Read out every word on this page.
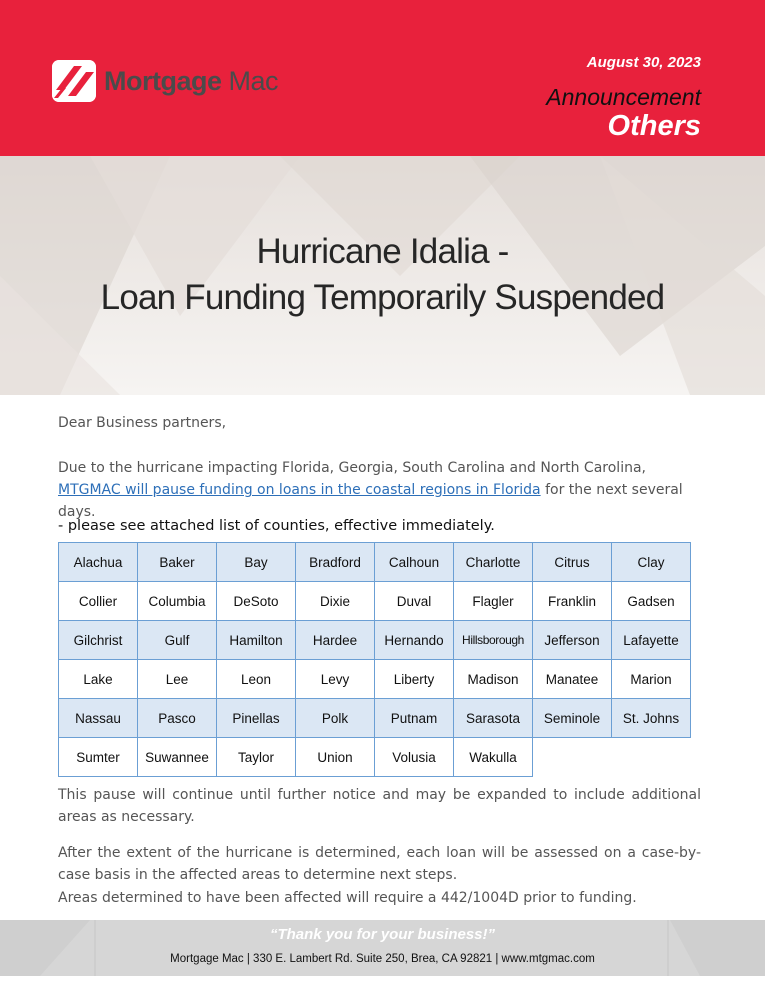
Mortgage Mac
August 30, 2023
Announcement
Others
Hurricane Idalia -
Loan Funding Temporarily Suspended
Dear Business partners,
Due to the hurricane impacting Florida, Georgia, South Carolina and North Carolina,
MTGMAC will pause funding on loans in the coastal regions in Florida for the next several days.
- please see attached list of counties, effective immediately.
Alachua	Baker	Bay	Bradford	Calhoun	Charlotte	Citrus	Clay
Collier	Columbia	DeSoto	Dixie	Duval	Flagler	Franklin	Gadsen
Gilchrist	Gulf	Hamilton	Hardee	Hernando	Hillsborough	Jefferson	Lafayette
Lake	Lee	Leon	Levy	Liberty	Madison	Manatee	Marion
Nassau	Pasco	Pinellas	Polk	Putnam	Sarasota	Seminole	St. Johns
Sumter	Suwannee	Taylor	Union	Volusia	Wakulla		
This pause will continue until further notice and may be expanded to include additional areas as necessary.
After the extent of the hurricane is determined, each loan will be assessed on a case-by-case basis in the affected areas to determine next steps.
Areas determined to have been affected will require a 442/1004D prior to funding.
“Thank you for your business!”
Mortgage Mac | 330 E. Lambert Rd. Suite 250, Brea, CA 92821 | www.mtgmac.com
